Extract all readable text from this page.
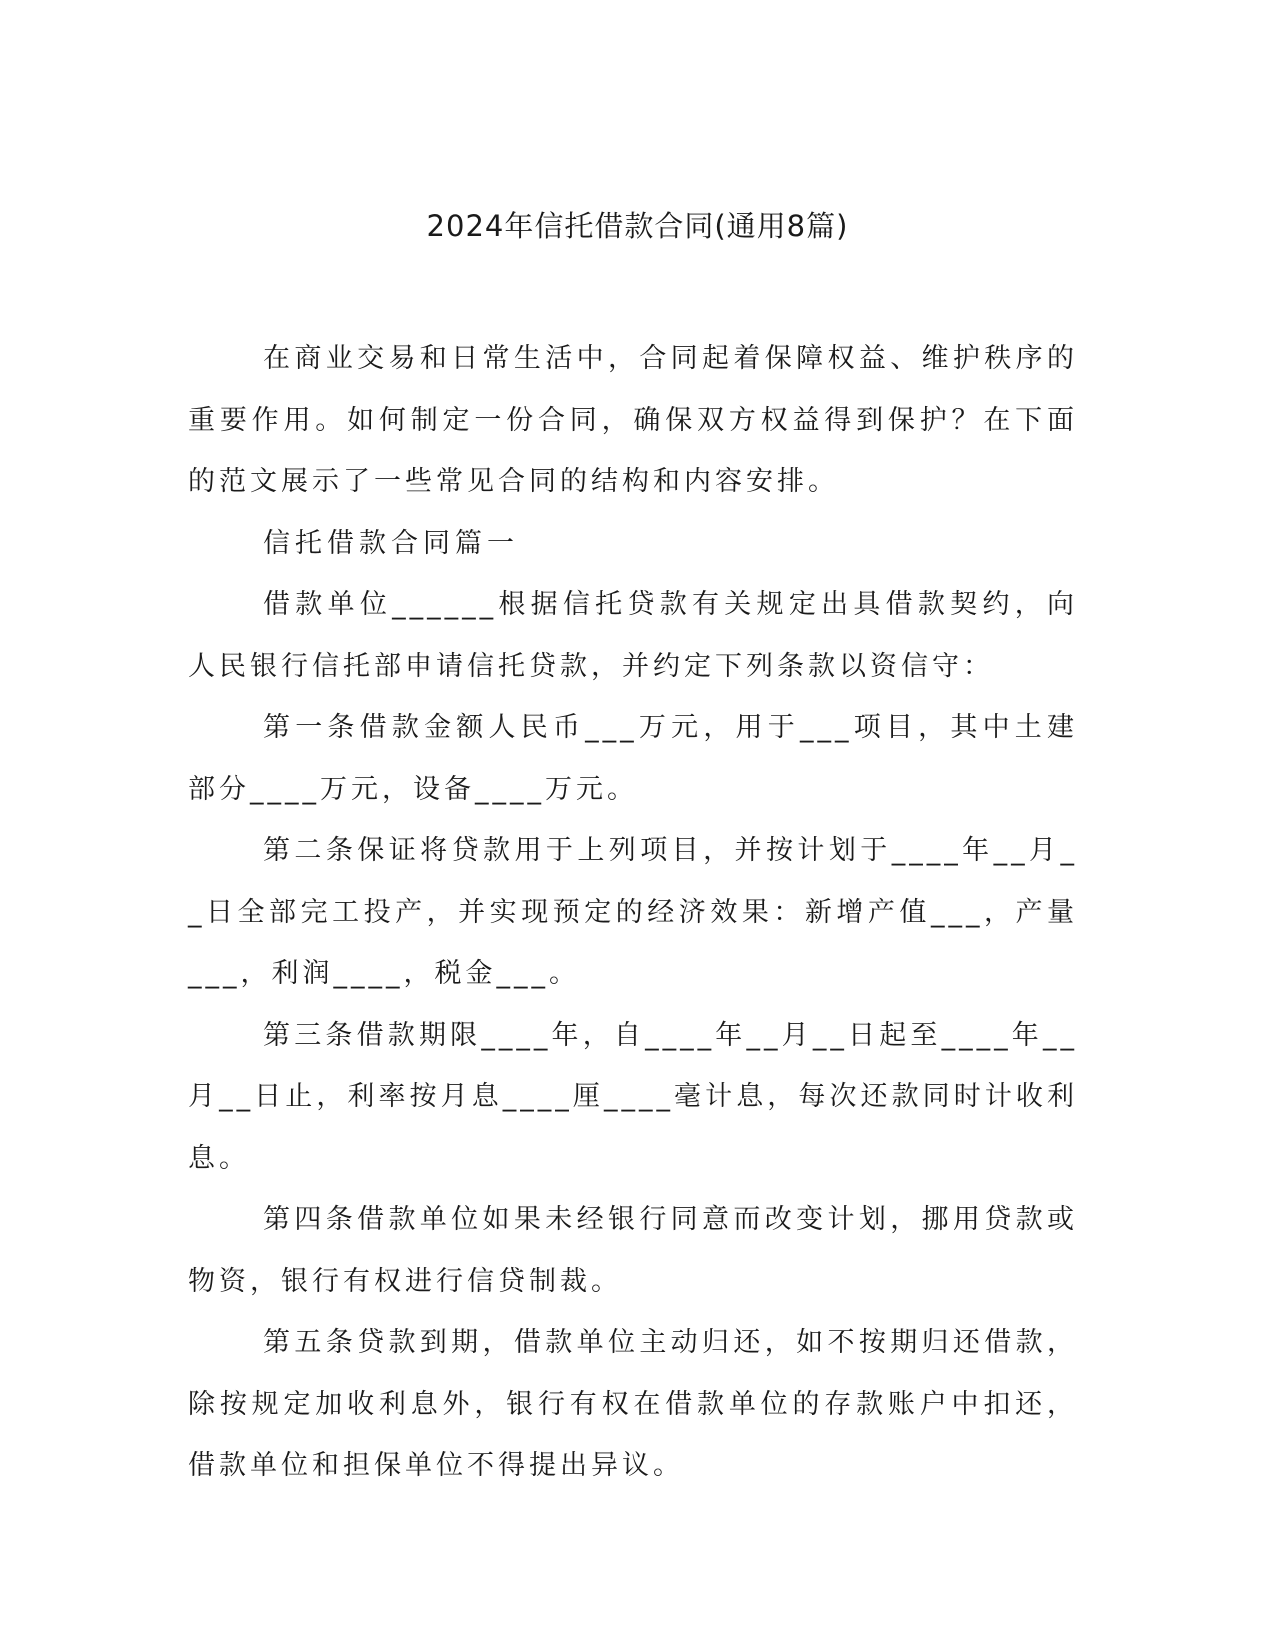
2024年信托借款合同(通用8篇)

在商业交易和日常生活中，合同起着保障权益、维护秩序的重要作用。如何制定一份合同，确保双方权益得到保护？在下面的范文展示了一些常见合同的结构和内容安排。

信托借款合同篇一

借款单位______根据信托贷款有关规定出具借款契约，向人民银行信托部申请信托贷款，并约定下列条款以资信守：

第一条借款金额人民币___万元，用于___项目，其中土建部分____万元，设备____万元。

第二条保证将贷款用于上列项目，并按计划于____年__月__日全部完工投产，并实现预定的经济效果：新增产值___，产量___，利润____，税金___。

第三条借款期限____年，自____年__月__日起至____年__月__日止，利率按月息____厘____毫计息，每次还款同时计收利息。

第四条借款单位如果未经银行同意而改变计划，挪用贷款或物资，银行有权进行信贷制裁。

第五条贷款到期，借款单位主动归还，如不按期归还借款，除按规定加收利息外，银行有权在借款单位的存款账户中扣还，借款单位和担保单位不得提出异议。
